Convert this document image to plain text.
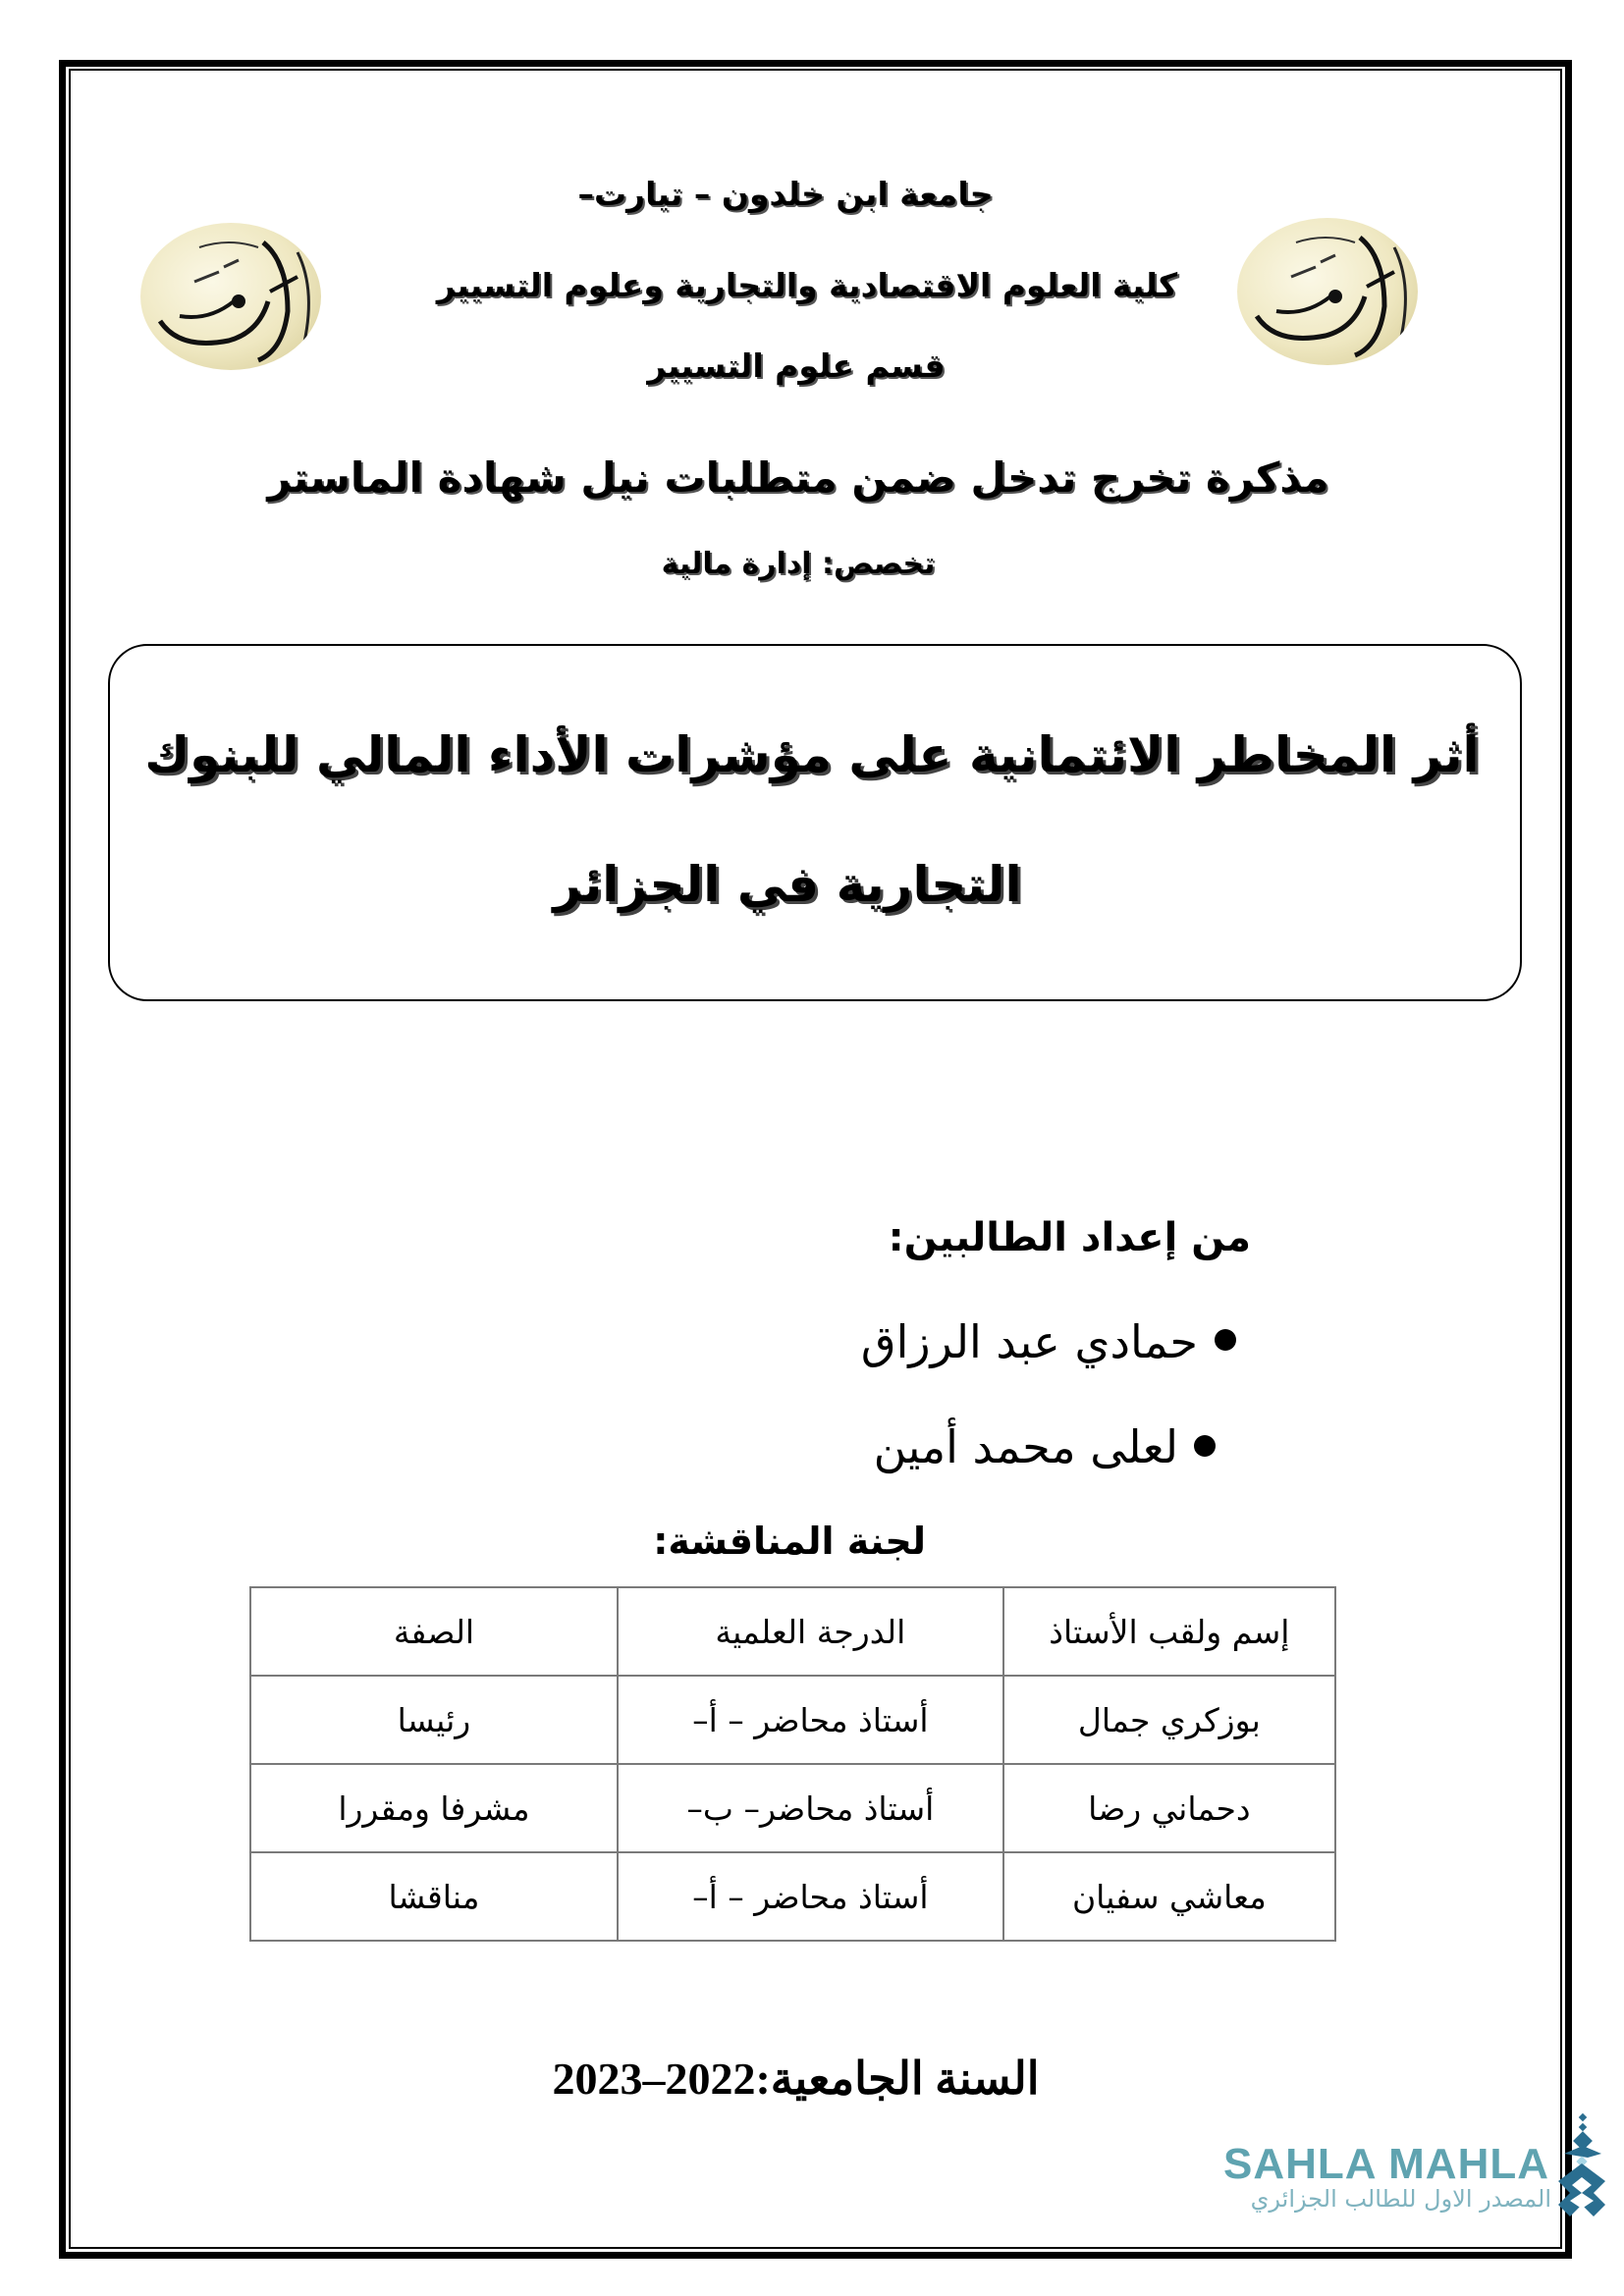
جامعة ابن خلدون – تيارت–
كلية العلوم الاقتصادية والتجارية وعلوم التسيير
قسم علوم التسيير
مذكرة تخرج تدخل ضمن متطلبات نيل شهادة الماستر
تخصص: إدارة مالية
أثر المخاطر الائتمانية على مؤشرات الأداء المالي للبنوك
التجارية في الجزائر
من إعداد الطالبين:
حمادي عبد الرزاق
لعلى محمد أمين
لجنة المناقشة:
إسم ولقب الأستاذ	الدرجة العلمية	الصفة
بوزكري جمال	أستاذ محاضر – أ–	رئيسا
دحماني رضا	أستاذ محاضر– ب–	مشرفا ومقررا
معاشي سفيان	أستاذ محاضر – أ–	مناقشا
السنة الجامعية:2022–2023
SAHLA MAHLA
المصدر الاول للطالب الجزائري
